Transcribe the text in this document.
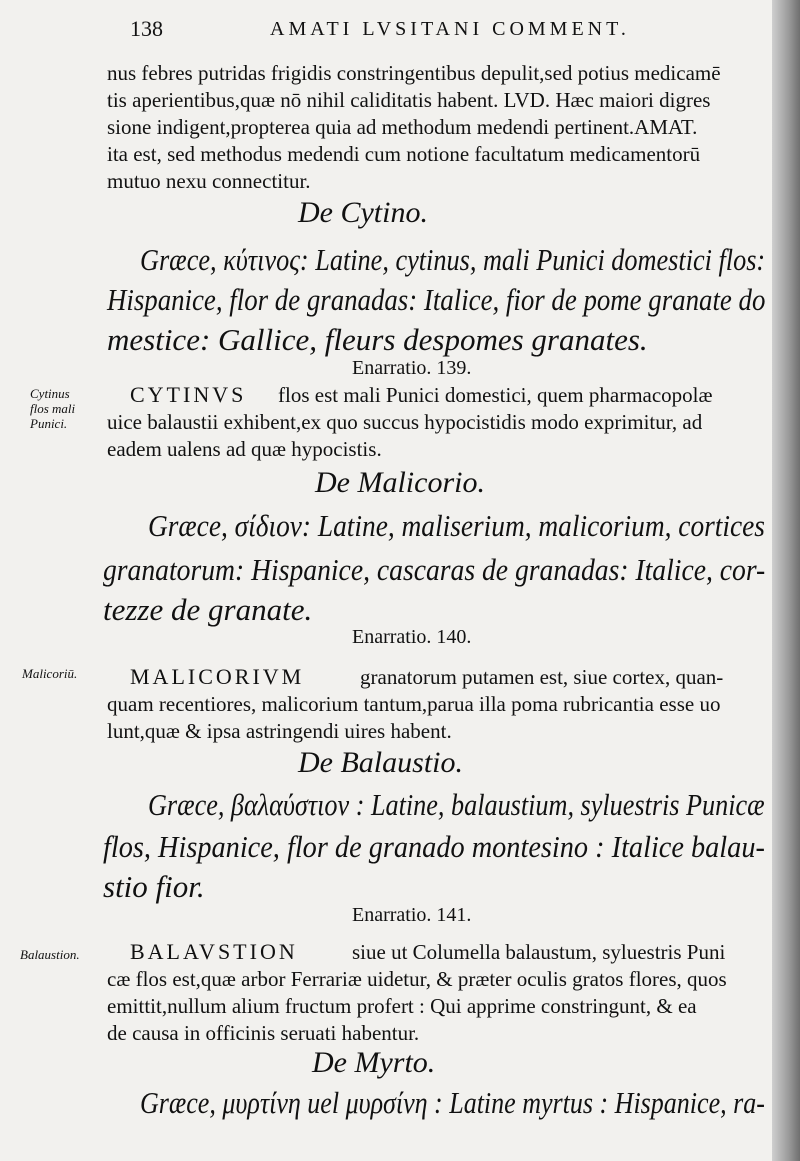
138	AMATI LVSITANI COMMENT.
nus febres putridas frigidis constringentibus depulit,sed potius medicamē
tis aperientibus,quæ nō nihil caliditatis habent. LVD. Hæc maiori digres
sione indigent,propterea quia ad methodum medendi pertinent.AMAT.
ita est, sed methodus medendi cum notione facultatum medicamentorū
mutuo nexu connectitur.
De Cytino.
Græce, κύτινος: Latine, cytinus, mali Punici domestici flos:
Hispanice, flor de granadas: Italice, fior de pome granate do
mestice: Gallice, fleurs despomes granates.
Enarratio. 139.
Cytinus
flos mali
Punici.
CYTINVS flos est mali Punici domestici, quem pharmacopolæ
uice balaustii exhibent,ex quo succus hypocistidis modo exprimitur, ad
eadem ualens ad quæ hypocistis.
De Malicorio.
Græce, σίδιον: Latine, maliserium, malicorium, cortices
granatorum: Hispanice, cascaras de granadas: Italice, cor-
tezze de granate.
Enarratio. 140.
Malicoriū. MALICORIVM	granatorum putamen est, siue cortex, quan-
quam recentiores, malicorium tantum,parua illa poma rubricantia esse uo
lunt,quæ & ipsa astringendi uires habent.
De Balaustio.
Græce, βαλαύστιον : Latine, balaustium, syluestris Punicæ
flos, Hispanice, flor de granado montesino : Italice balau-
stio fior.
Enarratio. 141.
Balaustion. BALAVSTION	siue ut Columella balaustum, syluestris Puni
cæ flos est,quæ arbor Ferrariæ uidetur, & præter oculis gratos flores, quos
emittit,nullum alium fructum profert : Qui apprime constringunt, & ea
de causa in officinis seruati habentur.
De Myrto.
Græce, μυρτίνη uel μυρσίνη : Latine myrtus : Hispanice, ra-
